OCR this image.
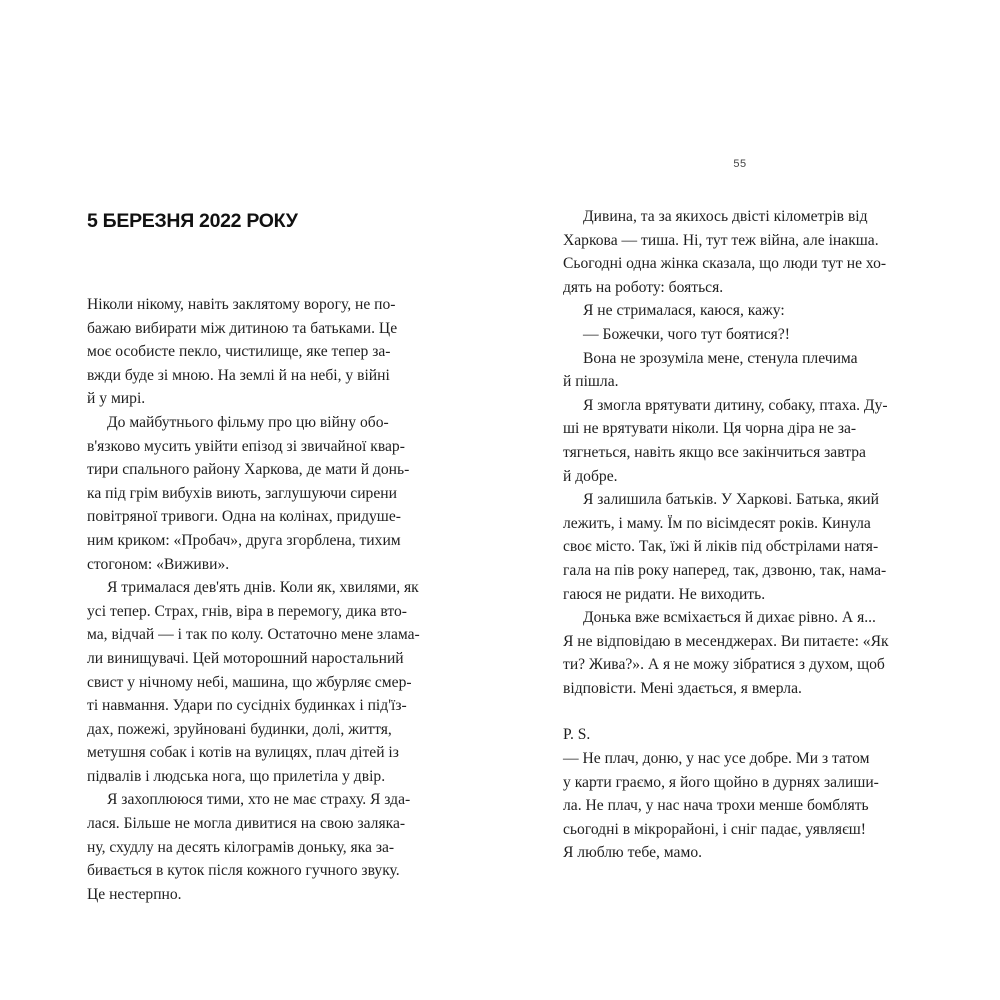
55
5 БЕРЕЗНЯ 2022 РОКУ

Ніколи нікому, навіть заклятому ворогу, не по-
бажаю вибирати між дитиною та батьками. Це
моє особисте пекло, чистилище, яке тепер за-
вжди буде зі мною. На землі й на небі, у війні
й у мирі.

До майбутнього фільму про цю війну обо-
в'язково мусить увійти епізод зі звичайної квар-
тири спального району Харкова, де мати й донь-
ка під грім вибухів виють, заглушуючи сирени
повітряної тривоги. Одна на колінах, придуше-
ним криком: «Пробач», друга згорблена, тихим
стогоном: «Виживи».

Я трималася дев'ять днів. Коли як, хвилями, як
усі тепер. Страх, гнів, віра в перемогу, дика вто-
ма, відчай — і так по колу. Остаточно мене злама-
ли винищувачі. Цей моторошний наростальний
свист у нічному небі, машина, що жбурляє смер-
ті навмання. Удари по сусідніх будинках і під'їз-
дах, пожежі, зруйновані будинки, долі, життя,
метушня собак і котів на вулицях, плач дітей із
підвалів і людська нога, що прилетіла у двір.

Я захоплююся тими, хто не має страху. Я зда-
лася. Більше не могла дивитися на свою заляка-
ну, схудлу на десять кілограмів доньку, яка за-
бивається в куток після кожного гучного звуку.
Це нестерпно.

Дивина, та за якихось двісті кілометрів від
Харкова — тиша. Ні, тут теж війна, але інакша.
Сьогодні одна жінка сказала, що люди тут не хо-
дять на роботу: бояться.

Я не стрималася, каюся, кажу:

— Божечки, чого тут боятися?!

Вона не зрозуміла мене, стенула плечима
й пішла.

Я змогла врятувати дитину, собаку, птаха. Ду-
ші не врятувати ніколи. Ця чорна діра не за-
тягнеться, навіть якщо все закінчиться завтра
й добре.

Я залишила батьків. У Харкові. Батька, який
лежить, і маму. Їм по вісімдесят років. Кинула
своє місто. Так, їжі й ліків під обстрілами натя-
гала на пів року наперед, так, дзвоню, так, нама-
гаюся не ридати. Не виходить.

Донька вже всміхається й дихає рівно. А я...
Я не відповідаю в месенджерах. Ви питаєте: «Як
ти? Жива?». А я не можу зібратися з духом, щоб
відповісти. Мені здається, я вмерла.

P. S.

— Не плач, доню, у нас усе добре. Ми з татом
у карти граємо, я його щойно в дурнях залиши-
ла. Не плач, у нас нача трохи менше бомблять
сьогодні в мікрорайоні, і сніг падає, уявляєш!

Я люблю тебе, мамо.
